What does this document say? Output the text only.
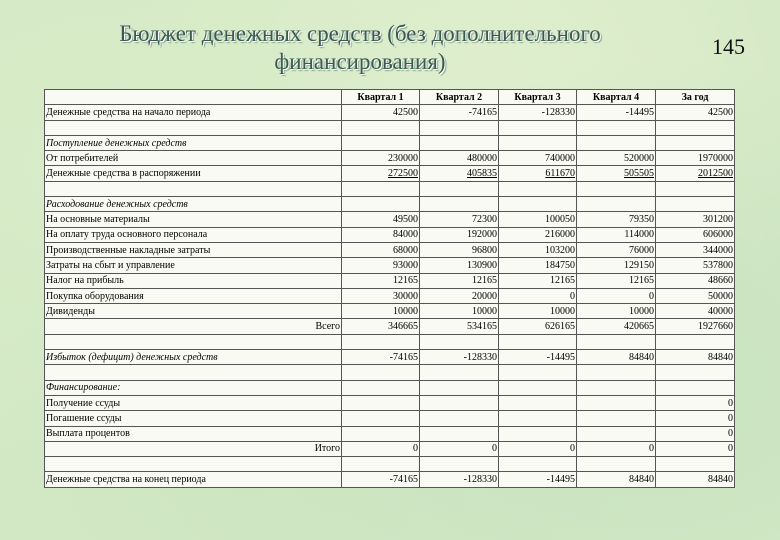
Бюджет денежных средств (без дополнительного финансирования)
145
	Квартал 1	Квартал 2	Квартал 3	Квартал 4	За год
Денежные средства на начало периода	42500	-74165	-128330	-14495	42500

Поступление денежных средств					
От потребителей	230000	480000	740000	520000	1970000
Денежные средства в распоряжении	272500	405835	611670	505505	2012500

Расходование денежных средств					
На основные материалы	49500	72300	100050	79350	301200
На оплату труда основного персонала	84000	192000	216000	114000	606000
Производственные накладные затраты	68000	96800	103200	76000	344000
Затраты на сбыт и управление	93000	130900	184750	129150	537800
Налог на прибыль	12165	12165	12165	12165	48660
Покупка оборудования	30000	20000	0	0	50000
Дивиденды	10000	10000	10000	10000	40000
Всего	346665	534165	626165	420665	1927660

Избыток (дефицит) денежных средств	-74165	-128330	-14495	84840	84840

Финансирование:					
Получение ссуды					0
Погашение ссуды					0
Выплата процентов					0
Итого	0	0	0	0	0

Денежные средства на конец периода	-74165	-128330	-14495	84840	84840
